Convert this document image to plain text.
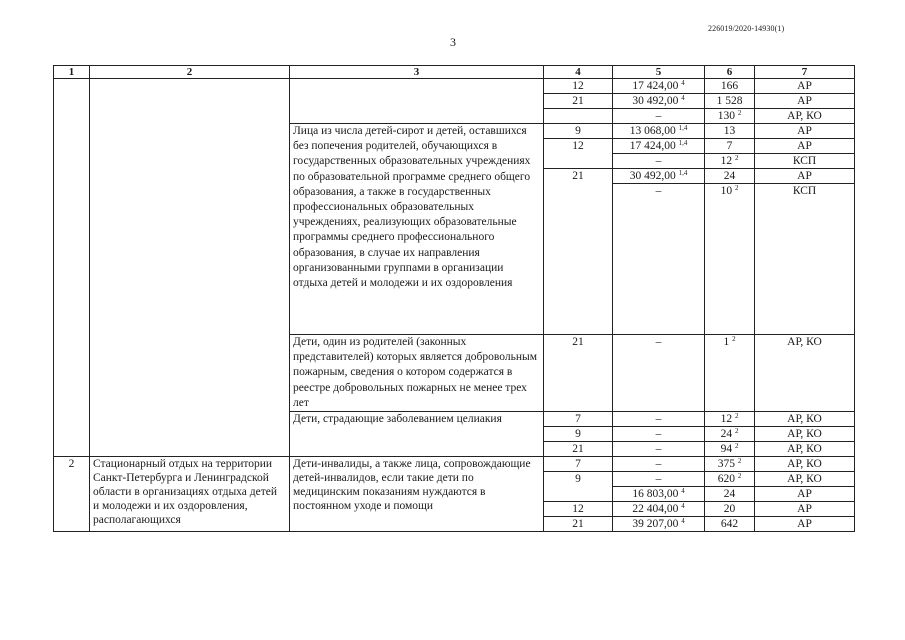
226019/2020-14930(1)
3
1	2	3	4	5	6	7
			12	17 424,00 $^4$	166	АР
			21	30 492,00 $^4$	1 528	АР
				–	130 $^2$	АР, КО
		Лица из числа детей-сирот и детей, оставшихся без попечения родителей, обучающихся в государственных образовательных учреждениях по образовательной программе среднего общего образования, а также в государственных профессиональных образовательных учреждениях, реализующих образовательные программы среднего профессионального образования, в случае их направления организованными группами в организации отдыха детей и молодежи и их оздоровления	9	13 068,00 $^{1,4}$	13	АР
			12	17 424,00 $^{1,4}$	7	АР
				–	12 $^2$	КСП
			21	30 492,00 $^{1,4}$	24	АР
				–	10 $^2$	КСП
		Дети, один из родителей (законных представителей) которых является добровольным пожарным, сведения о котором содержатся в реестре добровольных пожарных не менее трех лет	21	–	1 $^2$	АР, КО
		Дети, страдающие заболеванием целиакия	7	–	12 $^2$	АР, КО
			9	–	24 $^2$	АР, КО
			21	–	94 $^2$	АР, КО
2	Стационарный отдых на территории Санкт-Петербурга и Ленинградской области в организациях отдыха детей и молодежи и их оздоровления, располагающихся	Дети-инвалиды, а также лица, сопровождающие детей-инвалидов, если такие дети по медицинским показаниям нуждаются в постоянном уходе и помощи	7	–	375 $^2$	АР, КО
			9	–	620 $^2$	АР, КО
				16 803,00 $^4$	24	АР
			12	22 404,00 $^4$	20	АР
			21	39 207,00 $^4$	642	АР
